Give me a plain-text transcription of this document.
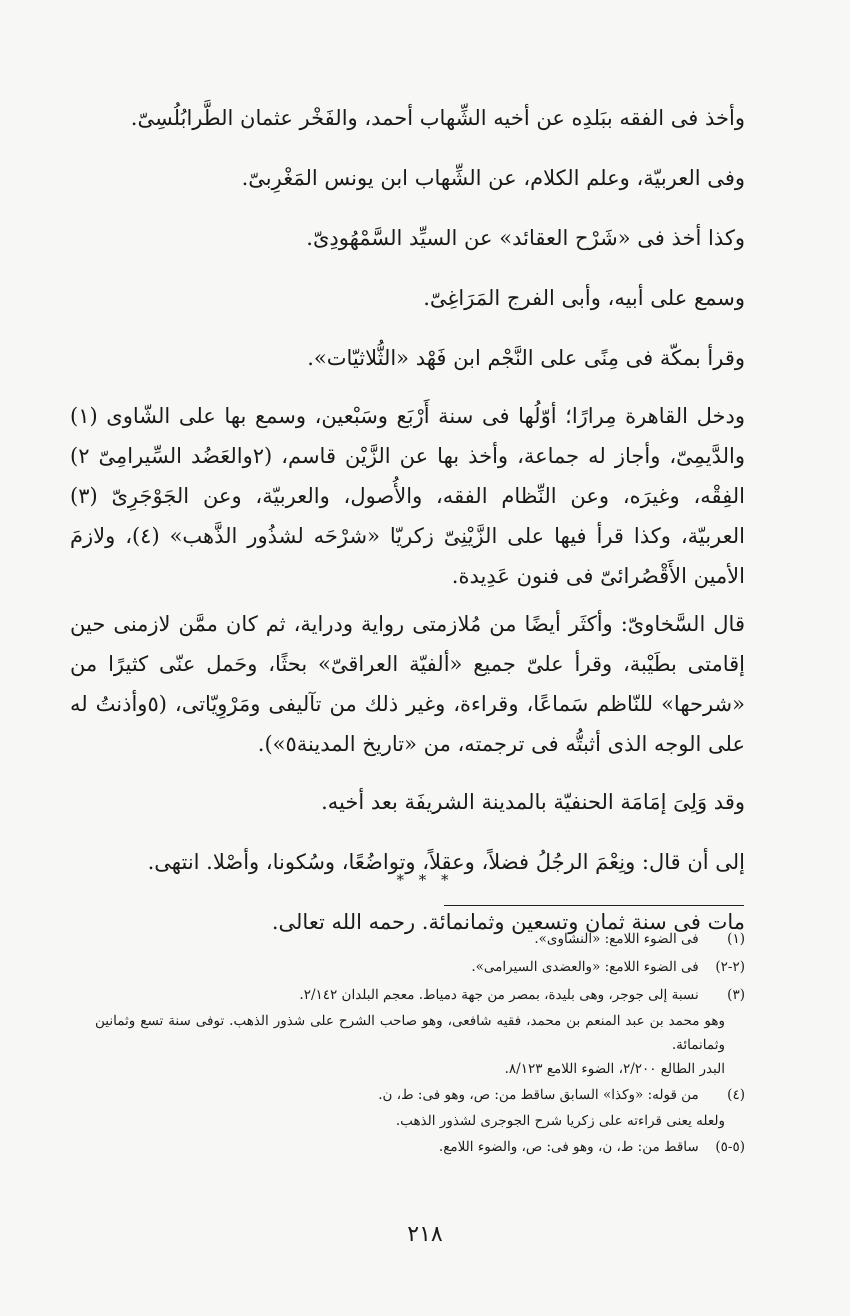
وأخذ فى الفقه ببَلدِه عن أخيه الشِّهاب أحمد، والفَخْر عثمان الطَّرابُلُسِىّ.

وفى العربيّة، وعلم الكلام، عن الشِّهاب ابن يونس المَغْرِبىّ.

وكذا أخذ فى «شَرْح العقائد» عن السيِّد السَّمْهُودِىّ.

وسمع على أبيه، وأبى الفرج المَرَاغِىّ.

وقرأ بمكّة فى مِنًى على النَّجْم ابن فَهْد «الثُّلاثيّات».

ودخل القاهرة مِرارًا؛ أوّلُها فى سنة أَرْبَع وسَبْعين، وسمع بها على الشّاوى (١) والدَّيمِىّ، وأجاز له جماعة، وأخذ بها عن الزَّيْن قاسم، (٢والعَضُد السِّيرامِىّ ٢) الفِقْه، وغيرَه، وعن النِّظام الفقه، والأُصول، والعربيّة، وعن الجَوْجَرِىّ (٣) العربيّة، وكذا قرأ فيها على الزَّيْنِىّ زكريّا «شرْحَه لشذُور الذَّهب» (٤)، ولازمَ الأمين الأَقْصُرائىّ فى فنون عَدِيدة.

قال السَّخاوىّ: وأكثَر أيضًا من مُلازمتى رواية ودراية، ثم كان ممَّن لازمنى حين إقامتى بطَيْبة، وقرأ علىّ جميع «ألفيّة العراقىّ» بحثًا، وحَمل عنّى كثيرًا من «شرحها» للنّاظم سَماعًا، وقراءة، وغير ذلك من تآليفى ومَرْوِيّاتى، (٥وأذنتُ له على الوجه الذى أثبتُّه فى ترجمته، من «تاريخ المدينة٥»).

وقد وَلِىَ إمَامَة الحنفيّة بالمدينة الشريفَة بعد أخيه.

إلى أن قال: ونِعْمَ الرجُلُ فضلاً، وعقلاً، وتواضُعًا، وسُكونا، وأصْلا. انتهى.

مات فى سنة ثمان وتسعين وثمانمائة. رحمه الله تعالى.

* * *

(١) فى الضوء اللامع: «النشاوى».

(٢-٢) فى الضوء اللامع: «والعضدى السيرامى».

(٣) نسبة إلى جوجر، وهى بليدة، بمصر من جهة دمياط. معجم البلدان ٢/١٤٢.

وهو محمد بن عبد المنعم بن محمد، فقيه شافعى، وهو صاحب الشرح على شذور الذهب. توفى سنة تسع وثمانين وثمانمائة.

البدر الطالع ٢/٢٠٠، الضوء اللامع ٨/١٢٣.

(٤) من قوله: «وكذا» السابق ساقط من: ص، وهو فى: ط، ن.

ولعله يعنى قراءته على زكريا شرح الجوجرى لشذور الذهب.

(٥-٥) ساقط من: ط، ن، وهو فى: ص، والضوء اللامع.

٢١٨
